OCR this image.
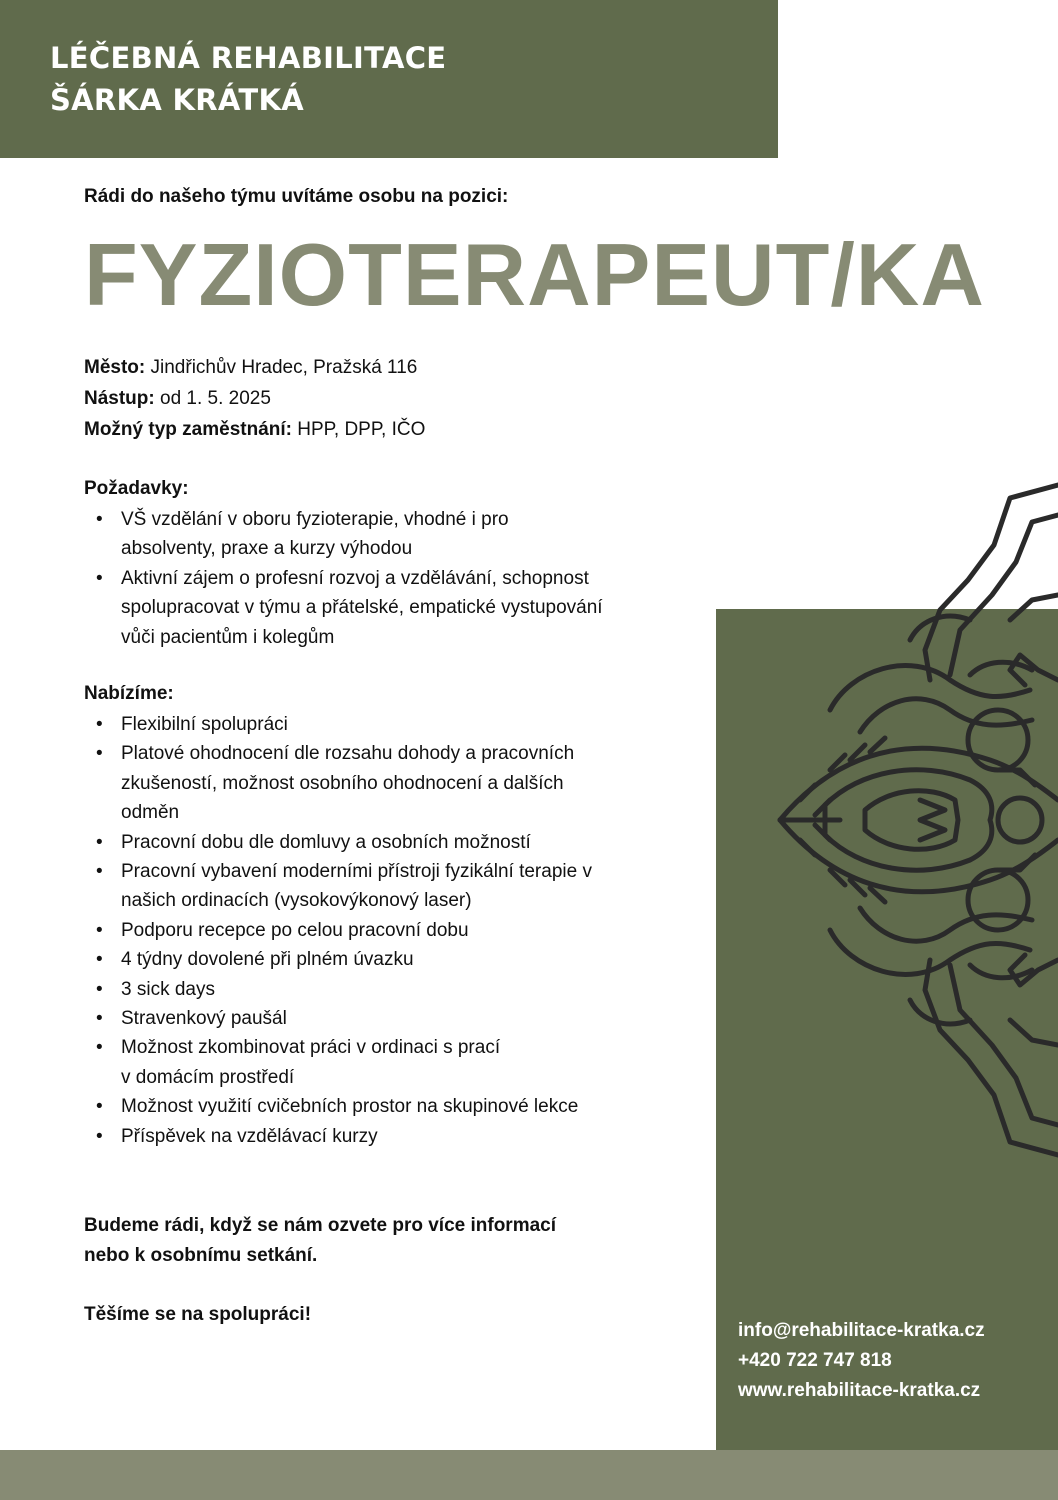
LÉČEBNÁ REHABILITACE
ŠÁRKA KRÁTKÁ
Rádi do našeho týmu uvítáme osobu na pozici:
FYZIOTERAPEUT/KA
Město: Jindřichův Hradec, Pražská 116
Nástup: od 1. 5. 2025
Možný typ zaměstnání: HPP, DPP, IČO
Požadavky:
• VŠ vzdělání v oboru fyzioterapie, vhodné i pro
absolventy, praxe a kurzy výhodou
• Aktivní zájem o profesní rozvoj a vzdělávání, schopnost
spolupracovat v týmu a přátelské, empatické vystupování
vůči pacientům i kolegům
Nabízíme:
• Flexibilní spolupráci
• Platové ohodnocení dle rozsahu dohody a pracovních
zkušeností, možnost osobního ohodnocení a dalších
odměn
• Pracovní dobu dle domluvy a osobních možností
• Pracovní vybavení moderními přístroji fyzikální terapie v
našich ordinacích (vysokovýkonový laser)
• Podporu recepce po celou pracovní dobu
• 4 týdny dovolené při plném úvazku
• 3 sick days
• Stravenkový paušál
• Možnost zkombinovat práci v ordinaci s prací
v domácím prostředí
• Možnost využití cvičebních prostor na skupinové lekce
• Příspěvek na vzdělávací kurzy
Budeme rádi, když se nám ozvete pro více informací
nebo k osobnímu setkání.
Těšíme se na spolupráci!
info@rehabilitace-kratka.cz
+420 722 747 818
www.rehabilitace-kratka.cz
